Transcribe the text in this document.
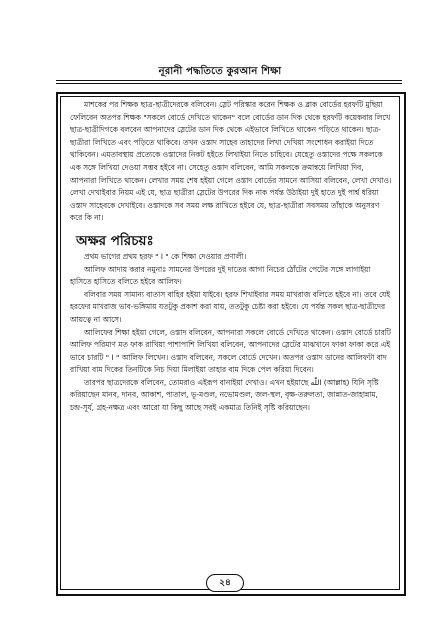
নূরানী পদ্ধতিতে কুরআন শিক্ষা

মাশকের পর শিক্ষক ছাত্র-ছাত্রীদেরকে বলিবেন। স্লেট পরিস্কার করেন শিক্ষক ও ব্লাক বোর্ডের হরফটি মুছিয়া ফেলিবেন অতপর শিক্ষক "সকলে বোর্ডে দেখিতে থাকেন" বলে বোর্ডের ডান দিক থেকে হরফটি কয়েকবার লিখে ছাত্র-ছাত্রীদিগকে বলবেন আপনাদের স্লেটের ডান দিক থেকে এইভাবে লিখিতে থাকেন পড়িতে থাকেন। ছাত্র-ছাত্রীরা লিখিতে এবং পড়িতে থাকিবে। তখন ওস্তাদ সাহেব তাহাদের লিখা দেখিয়া সংশোধন করাইয়া দিতে থাকিবেন। এমতাবস্থায় প্রত্যেকে ওস্তাদের নিকট হইতে লিখাইয়া নিতে চাহিবে। যেহেতু ওস্তাদের পক্ষে সকলকে এক সঙ্গে লিখিয়া দেওয়া সম্ভব হইবে না। সেহেতু ওস্তাদ বলিবেন, আমি সকলকে ক্রমান্বয়ে লিখিয়া দিব, আপনারা লিখিতে থাকেন। লেখার সময় শেষ হইয়া গেলে ওস্তাদ বোর্ডের সামনে আসিয়া বলিবেন, লেখা দেখাও। লেখা দেখাইবার নিয়ম এই যে, ছাত্র ছাত্রীরা স্লেটের উপরের দিক নাক পর্যন্ত উঠাইয়া দুই হাতে দুই পার্শ্ব ধরিয়া ওস্তাদ সাহেবকে দেখাইবে। ওস্তাদকে সব সময় লক্ষ রাখিতে হইবে যে, ছাত্র-ছাত্রীরা সবসময় তাঁহাকে অনুসরণ করে কি না।

অক্ষর পরিচয়ঃ

প্রথম ভাগের প্রথম হরফ " ا " কে শিক্ষা দেওয়ার প্রণালী।

আলিফ আদায় করার নমুনাঃ সামনের উপরের দুই দাতের আগা নিচের ঠোঁটের পেটের সঙ্গে লাগাইয়া হাসিতে হাসিতে বলিতে হইবে আলিফ।

বলিবার সময় সামান্য বাতাস বাহির হইয়া যাইবে। হরফ শিখাইবার সময় মাখরাজ বলিতে হইবে না। তবে যেই হরফের মাখরাজ ভাব-ভঙ্গিমায় যতটুকু প্রকাশ করা যায়, ততটুকু চেষ্টা করা হইবে। যে পর্যন্ত সকল ছাত্র-ছাত্রীদের আয়ত্বে না আসে।

আলিফের শিক্ষা হইয়া গেলে, ওস্তাদ বলিবেন, আপনারা সকলে বোর্ডে দেখিতে থাকেন। ওস্তাদ বোর্ডে চারটি আলিফ পরিমাণ মত ফাক রাখিয়া পাশাপাশি লিখিয়া বলিবেন, আপনাদের স্লেটের মাঝখানে ফাকা ফাকা করে এই ভাবে চারটি " ا " আলিফ লিখেন। ওস্তাদ বলিবেন, সকলে বোর্ডে দেখেন। অতপর ওস্তাদ ডানের আলিফটা বাদ রাখিয়া বাম দিকের তিনটিকে নিচ দিয়া মিলাইয়া তাহার বাম দিকে পেল করিয়া দিবেন।

তারপর ছাত্রদেরকে বলিবেন, তোমরাও এইরূপ বানাইয়া দেখাও। এখন হইয়াছে اللّٰه (আল্লাহ) যিনি সৃষ্টি করিয়াছেন মানব, দানব, আকাশ, পাতাল, ভূ-মণ্ডল, নভোমণ্ডল, জল-স্থল, বৃক্ষ-তরুলতা, জান্নাত-জাহান্নাম, চন্দ্র-সূর্য, গ্রহ-নক্ষত্র এবং আরো যা কিছু আছে সবই একমাত্র তিনিই সৃষ্টি করিয়াছেন।

২৪
